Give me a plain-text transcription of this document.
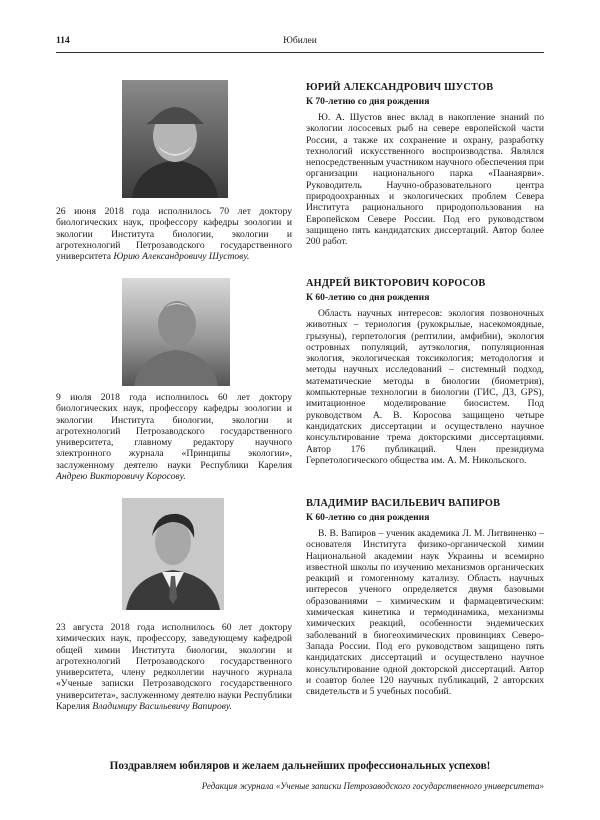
114	Юбилеи
26 июня 2018 года исполнилось 70 лет доктору биологических наук, профессору кафедры зоологии и экологии Института биологии, экологии и агротехнологий Петрозаводского государственного университета Юрию Александровичу Шустову.
ЮРИЙ АЛЕКСАНДРОВИЧ ШУСТОВ
К 70-летию со дня рождения

Ю. А. Шустов внес вклад в накопление знаний по экологии лососевых рыб на севере европейской части России, а также их сохранение и охрану, разработку технологий искусственного воспроизводства. Являлся непосредственным участником научного обеспечения при организации национального парка «Паанаярви». Руководитель Научно-образовательного центра природоохранных и экологических проблем Севера Института рационального природопользования на Европейском Севере России. Под его руководством защищено пять кандидатских диссертаций. Автор более 200 работ.

9 июля 2018 года исполнилось 60 лет доктору биологических наук, профессору кафедры зоологии и экологии Института биологии, экологии и агротехнологий Петрозаводского государственного университета, главному редактору научного электронного журнала «Принципы экологии», заслуженному деятелю науки Республики Карелия Андрею Викторовичу Коросову.
АНДРЕЙ ВИКТОРОВИЧ КОРОСОВ
К 60-летию со дня рождения

Область научных интересов: экология позвоночных животных – териология (рукокрылые, насекомоядные, грызуны), герпетология (рептилии, амфибии), экология островных популяций, аутэкология, популяционная экология, экологическая токсикология; методология и методы научных исследований – системный подход, математические методы в биологии (биометрия), компьютерные технологии в биологии (ГИС, ДЗ, GPS), имитационное моделирование биосистем. Под руководством А. В. Коросова защищено четыре кандидатских диссертации и осуществлено научное консультирование трема докторскими диссертациями. Автор 176 публикаций. Член президиума Герпетологического общества им. А. М. Никольского.

23 августа 2018 года исполнилось 60 лет доктору химических наук, профессору, заведующему кафедрой общей химии Института биологии, экологии и агротехнологий Петрозаводского государственного университета, члену редколлегии научного журнала «Ученые записки Петрозаводского государственного университета», заслуженному деятелю науки Республики Карелия Владимиру Васильевичу Вапирову.
ВЛАДИМИР ВАСИЛЬЕВИЧ ВАПИРОВ
К 60-летию со дня рождения

В. В. Вапиров – ученик академика Л. М. Литвиненко – основателя Института физико-органической химии Национальной академии наук Украины и всемирно известной школы по изучению механизмов органических реакций и гомогенному катализу. Область научных интересов ученого определяется двумя базовыми образованиями – химическим и фармацевтическим: химическая кинетика и термодинамика, механизмы химических реакций, особенности эндемических заболеваний в биогеохимических провинциях Северо-Запада России. Под его руководством защищено пять кандидатских диссертаций и осуществлено научное консультирование одной докторской диссертаций. Автор и соавтор более 120 научных публикаций, 2 авторских свидетельств и 5 учебных пособий.

Поздравляем юбиляров и желаем дальнейших профессиональных успехов!
Редакция журнала «Ученые записки Петрозаводского государственного университета»
